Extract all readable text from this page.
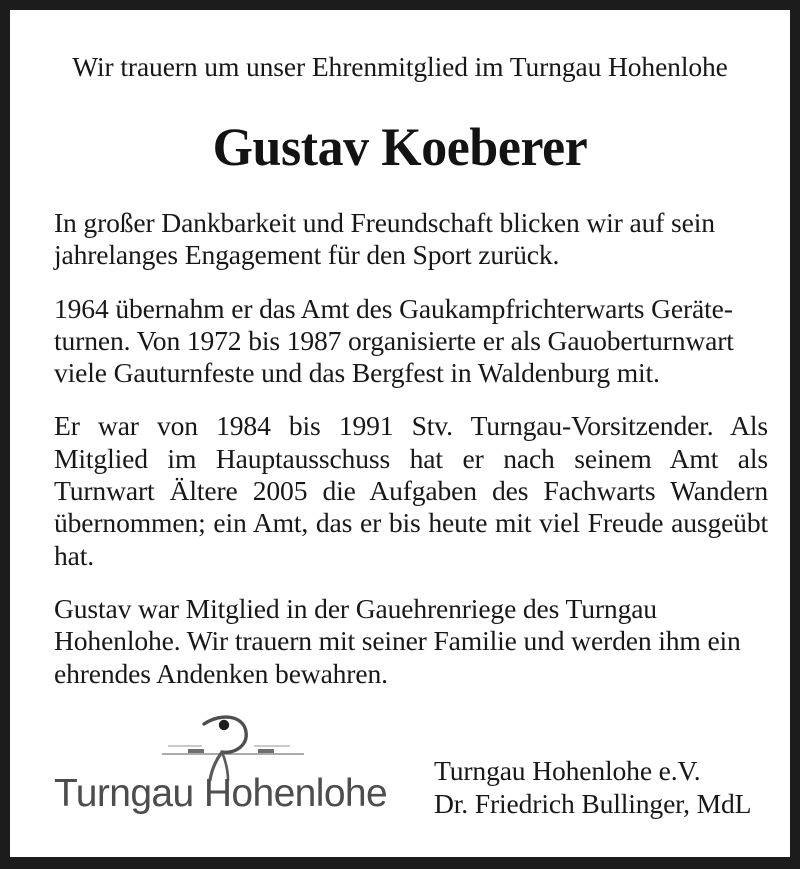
Wir trauern um unser Ehrenmitglied im Turngau Hohenlohe
Gustav Koeberer

In großer Dankbarkeit und Freundschaft blicken wir auf sein jahrelanges Engagement für den Sport zurück.

1964 übernahm er das Amt des Gaukampfrichterwarts Geräte-turnen. Von 1972 bis 1987 organisierte er als Gauoberturnwart viele Gauturnfeste und das Bergfest in Waldenburg mit.

Er war von 1984 bis 1991 Stv. Turngau-Vorsitzender. Als Mitglied im Hauptausschuss hat er nach seinem Amt als Turnwart Ältere 2005 die Aufgaben des Fachwarts Wandern übernommen; ein Amt, das er bis heute mit viel Freude ausgeübt hat.

Gustav war Mitglied in der Gauehrenriege des Turngau Hohenlohe. Wir trauern mit seiner Familie und werden ihm ein ehrendes Andenken bewahren.

Turngau Hohenlohe
Turngau Hohenlohe e.V.
Dr. Friedrich Bullinger, MdL
